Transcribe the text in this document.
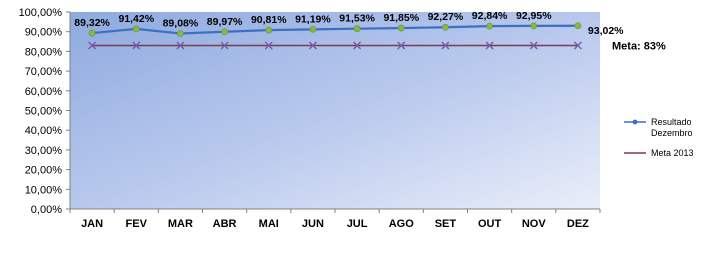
0,00%
10,00%
20,00%
30,00%
40,00%
50,00%
60,00%
70,00%
80,00%
90,00%
100,00%
JAN FEV MAR ABR MAI JUN JUL AGO SET OUT NOV DEZ
89,32% 91,42% 89,08% 89,97% 90,81% 91,19% 91,53% 91,85% 92,27% 92,84% 92,95%
93,02%
Meta: 83%
Resultado
Dezembro
Meta 2013
